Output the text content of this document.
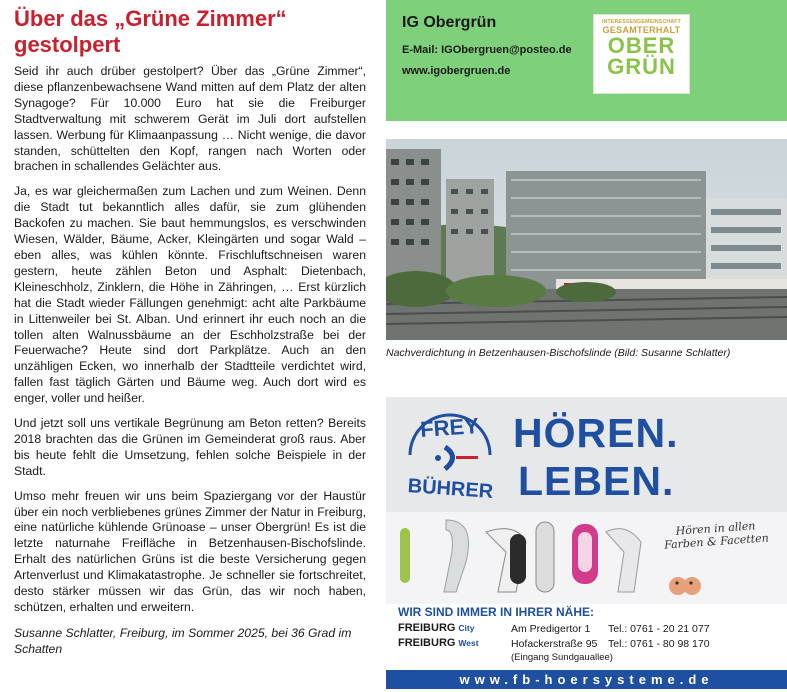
Über das „Grüne Zimmer“
gestolpert

Seid ihr auch drüber gestolpert? Über das „Grüne Zimmer“, diese pflanzenbewachsene Wand mitten auf dem Platz der alten Synagoge? Für 10.000 Euro hat sie die Freiburger Stadtverwaltung mit schwerem Gerät im Juli dort aufstellen lassen. Werbung für Klimaanpassung … Nicht wenige, die davor standen, schüttelten den Kopf, rangen nach Worten oder brachen in schallendes Gelächter aus.

Ja, es war gleichermaßen zum Lachen und zum Weinen. Denn die Stadt tut bekanntlich alles dafür, sie zum glühenden Backofen zu machen. Sie baut hemmungslos, es verschwinden Wiesen, Wälder, Bäume, Acker, Kleingärten und sogar Wald – eben alles, was kühlen könnte. Frischluftschneisen waren gestern, heute zählen Beton und Asphalt: Dietenbach, Kleineschholz, Zinklern, die Höhe in Zähringen, … Erst kürzlich hat die Stadt wieder Fällungen genehmigt: acht alte Parkbäume in Littenweiler bei St. Alban. Und erinnert ihr euch noch an die tollen alten Walnussbäume an der Eschholzstraße bei der Feuerwache? Heute sind dort Parkplätze. Auch an den unzähligen Ecken, wo innerhalb der Stadtteile verdichtet wird, fallen fast täglich Gärten und Bäume weg. Auch dort wird es enger, voller und heißer.

Und jetzt soll uns vertikale Begrünung am Beton retten? Bereits 2018 brachten das die Grünen im Gemeinderat groß raus. Aber bis heute fehlt die Umsetzung, fehlen solche Beispiele in der Stadt.

Umso mehr freuen wir uns beim Spaziergang vor der Haustür über ein noch verbliebenes grünes Zimmer der Natur in Freiburg, eine natürliche kühlende Grünoase – unser Obergrün! Es ist die letzte naturnahe Freifläche in Betzenhausen-Bischofslinde. Erhalt des natürlichen Grüns ist die beste Versicherung gegen Artenverlust und Klimakatastrophe. Je schneller sie fortschreitet, desto stärker müssen wir das Grün, das wir noch haben, schützen, erhalten und erweitern.

Susanne Schlatter, Freiburg, im Sommer 2025, bei 36 Grad im Schatten

IG Obergrün
E-Mail: IGObergruen@posteo.de
www.igobergruen.de
INTERESSENGEMEINSCHAFT
GESAMTERHALT
OBER
GRÜN
Nachverdichtung in Betzenhausen-Bischofslinde (Bild: Susanne Schlatter)
FREY
BÜHRER
HÖREN.
LEBEN.
Hören in allen Farben & Facetten
WIR SIND IMMER IN IHRER NÄHE:
FREIBURG City	Am Predigertor 1 Tel.: 0761 - 20 21 077
FREIBURG West	Hofackerstraße 95 Tel.: 0761 - 80 98 170
(Eingang Sundgauallee)
www.fb-hoersysteme.de
